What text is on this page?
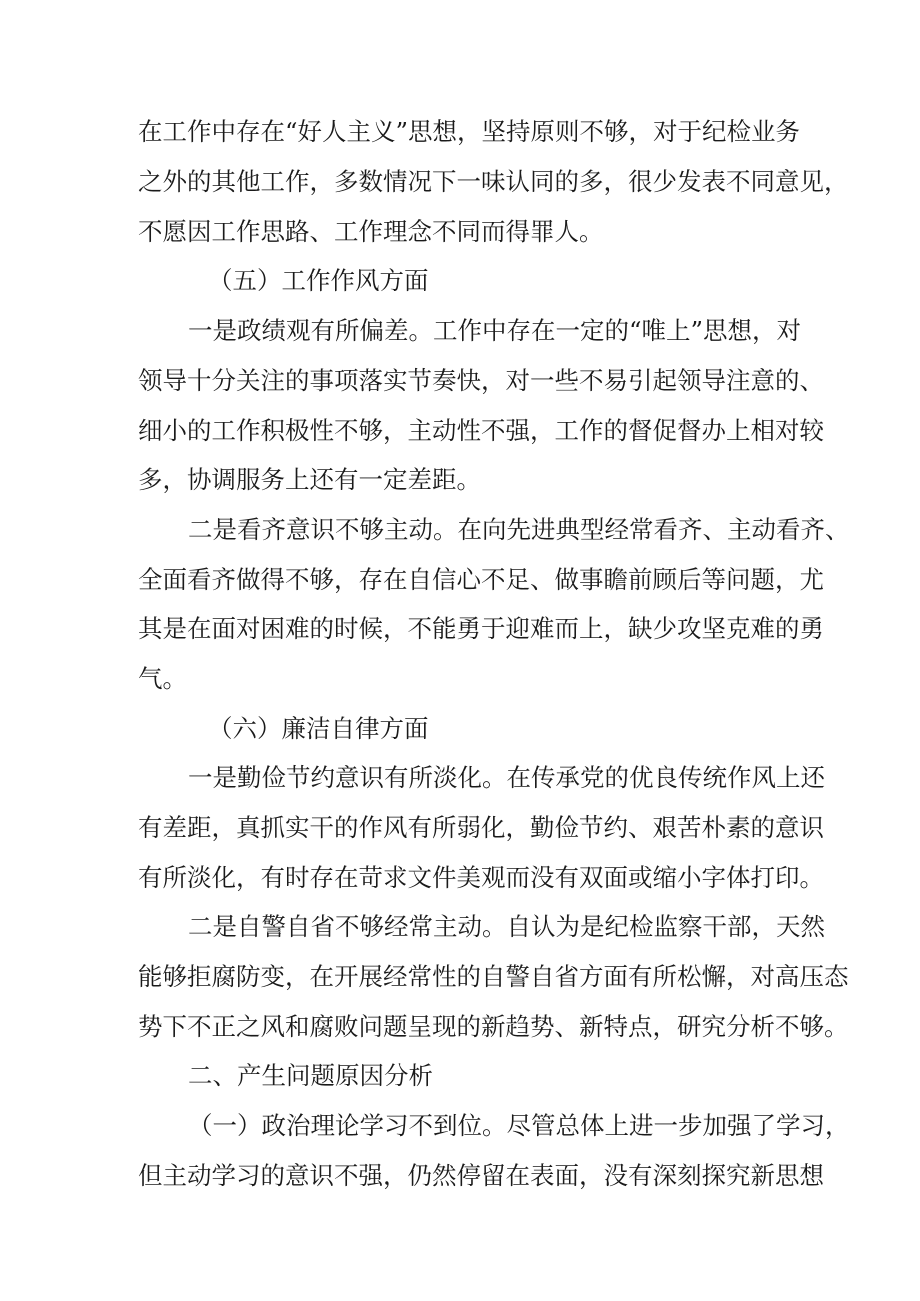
在工作中存在“好人主义”思想，坚持原则不够，对于纪检业务
之外的其他工作，多数情况下一味认同的多，很少发表不同意见，
不愿因工作思路、工作理念不同而得罪人。
（五）工作作风方面
一是政绩观有所偏差。工作中存在一定的“唯上”思想，对
领导十分关注的事项落实节奏快，对一些不易引起领导注意的、
细小的工作积极性不够，主动性不强，工作的督促督办上相对较
多，协调服务上还有一定差距。
二是看齐意识不够主动。在向先进典型经常看齐、主动看齐、
全面看齐做得不够，存在自信心不足、做事瞻前顾后等问题，尤
其是在面对困难的时候，不能勇于迎难而上，缺少攻坚克难的勇
气。
（六）廉洁自律方面
一是勤俭节约意识有所淡化。在传承党的优良传统作风上还
有差距，真抓实干的作风有所弱化，勤俭节约、艰苦朴素的意识
有所淡化，有时存在苛求文件美观而没有双面或缩小字体打印。
二是自警自省不够经常主动。自认为是纪检监察干部，天然
能够拒腐防变，在开展经常性的自警自省方面有所松懈，对高压态
势下不正之风和腐败问题呈现的新趋势、新特点，研究分析不够。
二、产生问题原因分析
（一）政治理论学习不到位。尽管总体上进一步加强了学习，
但主动学习的意识不强，仍然停留在表面，没有深刻探究新思想
